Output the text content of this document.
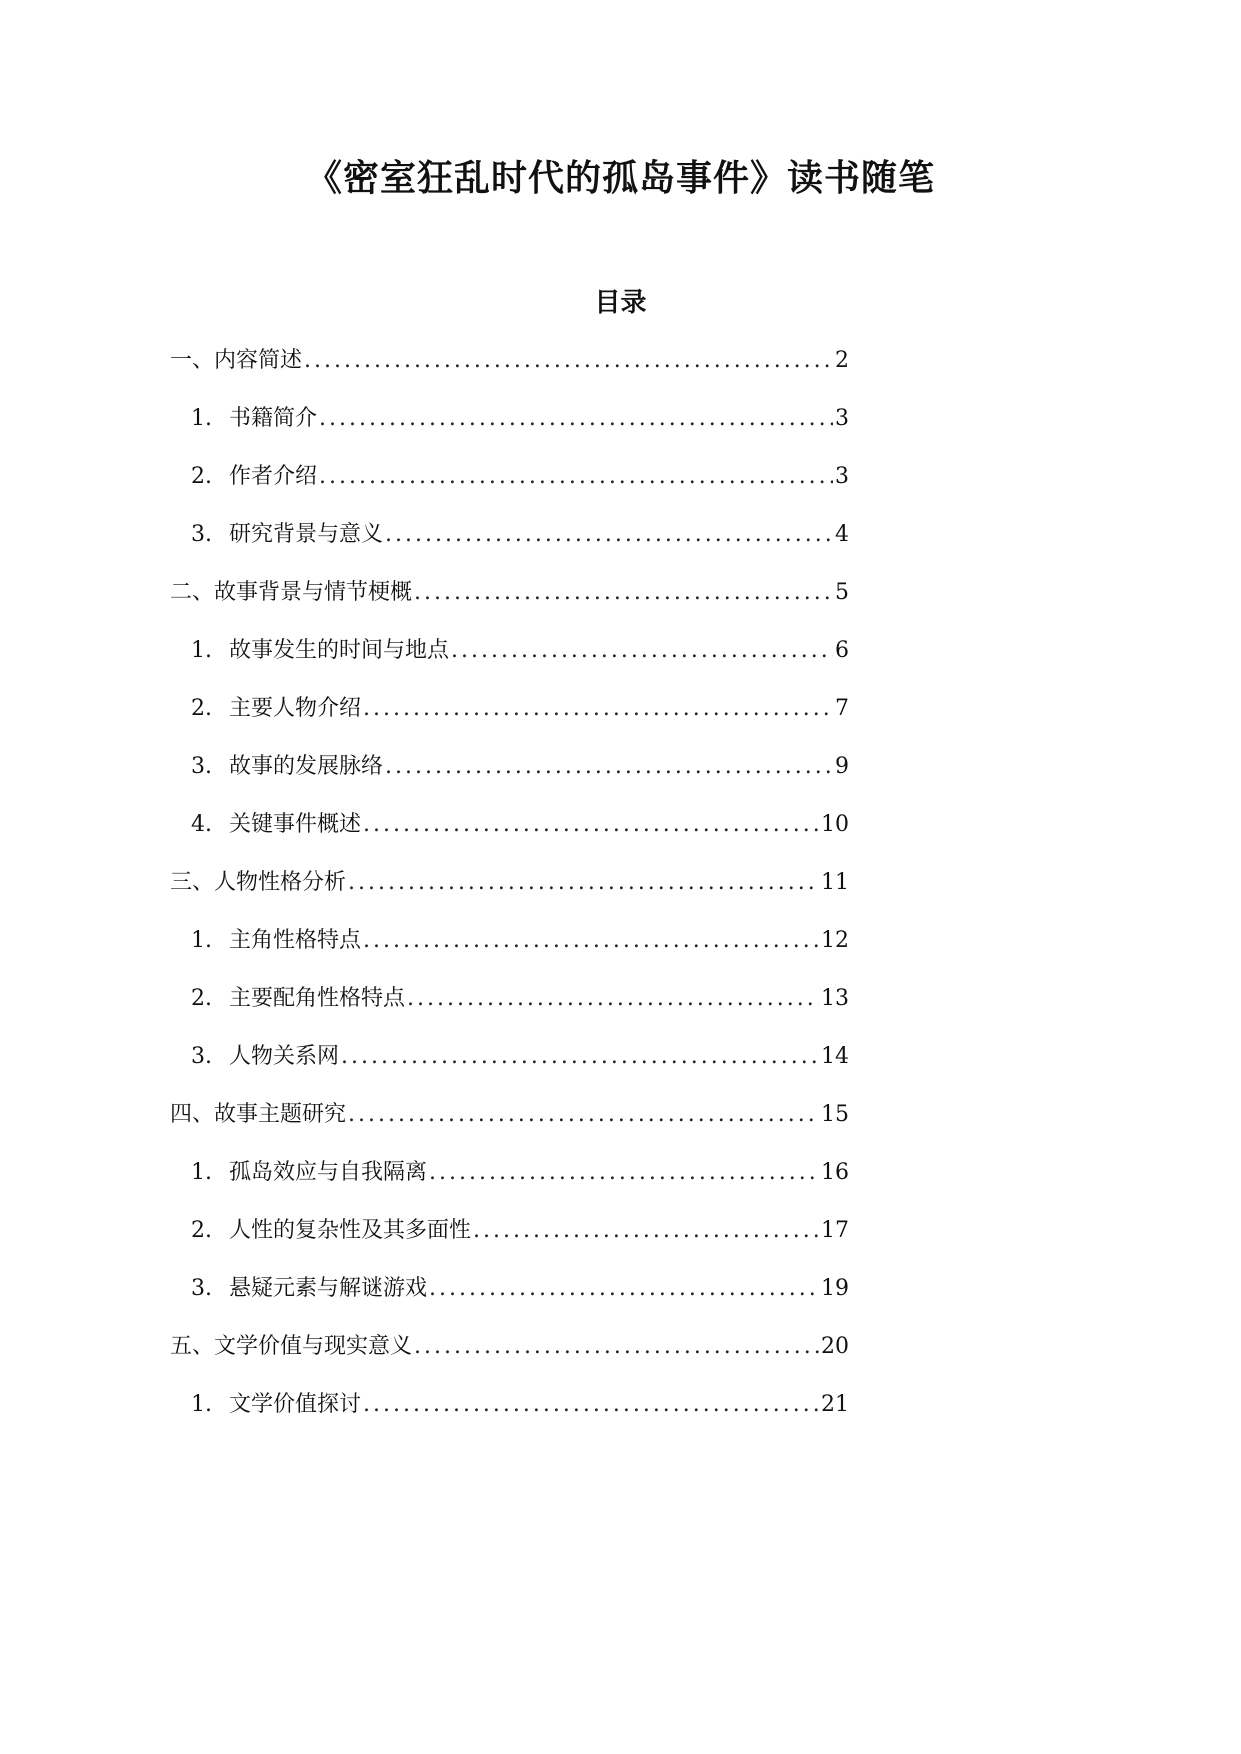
《密室狂乱时代的孤岛事件》读书随笔
目录
一、内容简述 .....	2
1. 书籍简介 .....	3
2. 作者介绍 .....	3
3. 研究背景与意义 .....	4
二、故事背景与情节梗概 .....	5
1. 故事发生的时间与地点 .....	6
2. 主要人物介绍 .....	7
3. 故事的发展脉络 .....	9
4. 关键事件概述 .....	10
三、人物性格分析 .....	11
1. 主角性格特点 .....	12
2. 主要配角性格特点 .....	13
3. 人物关系网 .....	14
四、故事主题研究 .....	15
1. 孤岛效应与自我隔离 .....	16
2. 人性的复杂性及其多面性 .....	17
3. 悬疑元素与解谜游戏 .....	19
五、文学价值与现实意义 .....	20
1. 文学价值探讨 .....	21
